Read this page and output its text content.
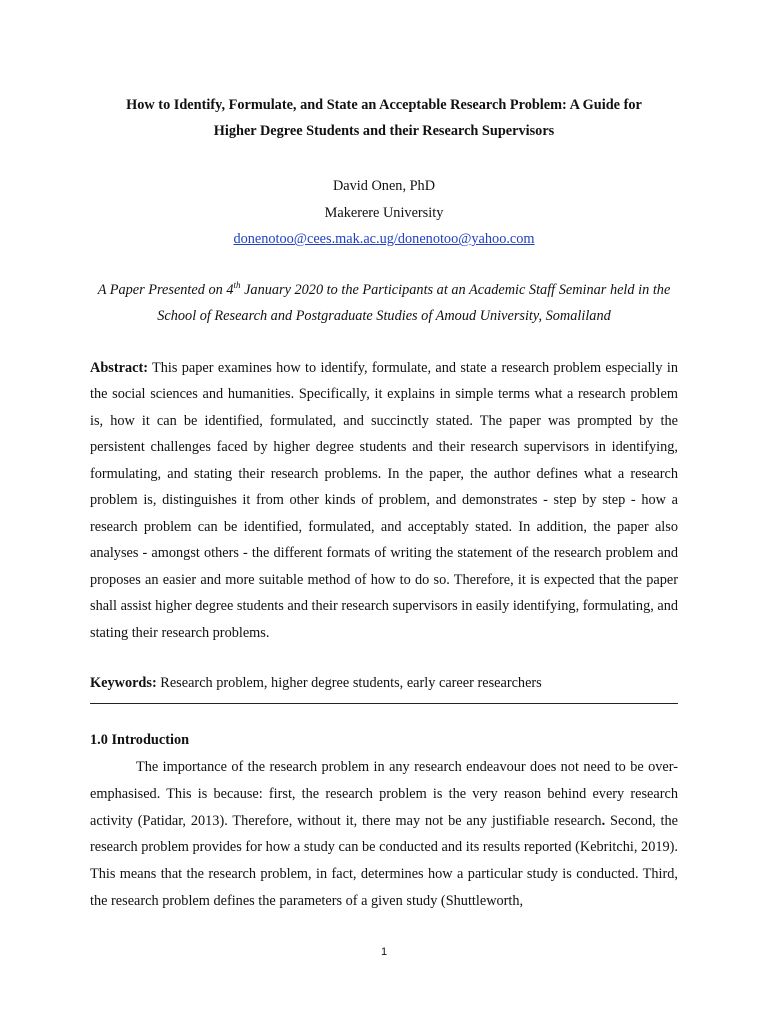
How to Identify, Formulate, and State an Acceptable Research Problem: A Guide for
Higher Degree Students and their Research Supervisors

David Onen, PhD
Makerere University
donenotoo@cees.mak.ac.ug/donenotoo@yahoo.com
A Paper Presented on 4th January 2020 to the Participants at an Academic Staff Seminar held in the School of Research and Postgraduate Studies of Amoud University, Somaliland
Abstract: This paper examines how to identify, formulate, and state a research problem especially in the social sciences and humanities. Specifically, it explains in simple terms what a research problem is, how it can be identified, formulated, and succinctly stated. The paper was prompted by the persistent challenges faced by higher degree students and their research supervisors in identifying, formulating, and stating their research problems. In the paper, the author defines what a research problem is, distinguishes it from other kinds of problem, and demonstrates - step by step - how a research problem can be identified, formulated, and acceptably stated. In addition, the paper also analyses - amongst others - the different formats of writing the statement of the research problem and proposes an easier and more suitable method of how to do so. Therefore, it is expected that the paper shall assist higher degree students and their research supervisors in easily identifying, formulating, and stating their research problems.
Keywords: Research problem, higher degree students, early career researchers
1.0 Introduction
The importance of the research problem in any research endeavour does not need to be over-emphasised. This is because: first, the research problem is the very reason behind every research activity (Patidar, 2013). Therefore, without it, there may not be any justifiable research. Second, the research problem provides for how a study can be conducted and its results reported (Kebritchi, 2019). This means that the research problem, in fact, determines how a particular study is conducted. Third, the research problem defines the parameters of a given study (Shuttleworth,
1
